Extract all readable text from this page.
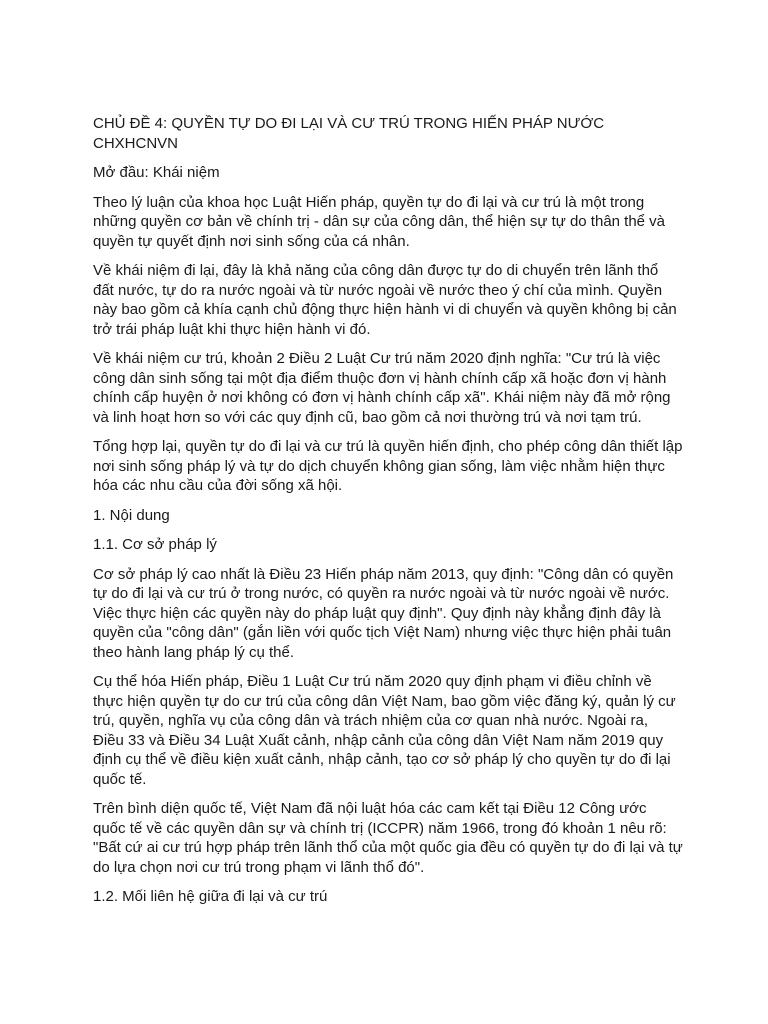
CHỦ ĐỀ 4: QUYỀN TỰ DO ĐI LẠI VÀ CƯ TRÚ TRONG HIẾN PHÁP NƯỚC CHXHCNVN

Mở đầu: Khái niệm

Theo lý luận của khoa học Luật Hiến pháp, quyền tự do đi lại và cư trú là một trong những quyền cơ bản về chính trị - dân sự của công dân, thể hiện sự tự do thân thể và quyền tự quyết định nơi sinh sống của cá nhân.

Về khái niệm đi lại, đây là khả năng của công dân được tự do di chuyển trên lãnh thổ đất nước, tự do ra nước ngoài và từ nước ngoài về nước theo ý chí của mình. Quyền này bao gồm cả khía cạnh chủ động thực hiện hành vi di chuyển và quyền không bị cản trở trái pháp luật khi thực hiện hành vi đó.

Về khái niệm cư trú, khoản 2 Điều 2 Luật Cư trú năm 2020 định nghĩa: "Cư trú là việc công dân sinh sống tại một địa điểm thuộc đơn vị hành chính cấp xã hoặc đơn vị hành chính cấp huyện ở nơi không có đơn vị hành chính cấp xã". Khái niệm này đã mở rộng và linh hoạt hơn so với các quy định cũ, bao gồm cả nơi thường trú và nơi tạm trú.

Tổng hợp lại, quyền tự do đi lại và cư trú là quyền hiến định, cho phép công dân thiết lập nơi sinh sống pháp lý và tự do dịch chuyển không gian sống, làm việc nhằm hiện thực hóa các nhu cầu của đời sống xã hội.

1. Nội dung

1.1. Cơ sở pháp lý

Cơ sở pháp lý cao nhất là Điều 23 Hiến pháp năm 2013, quy định: "Công dân có quyền tự do đi lại và cư trú ở trong nước, có quyền ra nước ngoài và từ nước ngoài về nước. Việc thực hiện các quyền này do pháp luật quy định". Quy định này khẳng định đây là quyền của "công dân" (gắn liền với quốc tịch Việt Nam) nhưng việc thực hiện phải tuân theo hành lang pháp lý cụ thể.

Cụ thể hóa Hiến pháp, Điều 1 Luật Cư trú năm 2020 quy định phạm vi điều chỉnh về thực hiện quyền tự do cư trú của công dân Việt Nam, bao gồm việc đăng ký, quản lý cư trú, quyền, nghĩa vụ của công dân và trách nhiệm của cơ quan nhà nước. Ngoài ra, Điều 33 và Điều 34 Luật Xuất cảnh, nhập cảnh của công dân Việt Nam năm 2019 quy định cụ thể về điều kiện xuất cảnh, nhập cảnh, tạo cơ sở pháp lý cho quyền tự do đi lại quốc tế.

Trên bình diện quốc tế, Việt Nam đã nội luật hóa các cam kết tại Điều 12 Công ước quốc tế về các quyền dân sự và chính trị (ICCPR) năm 1966, trong đó khoản 1 nêu rõ: "Bất cứ ai cư trú hợp pháp trên lãnh thổ của một quốc gia đều có quyền tự do đi lại và tự do lựa chọn nơi cư trú trong phạm vi lãnh thổ đó".

1.2. Mối liên hệ giữa đi lại và cư trú
